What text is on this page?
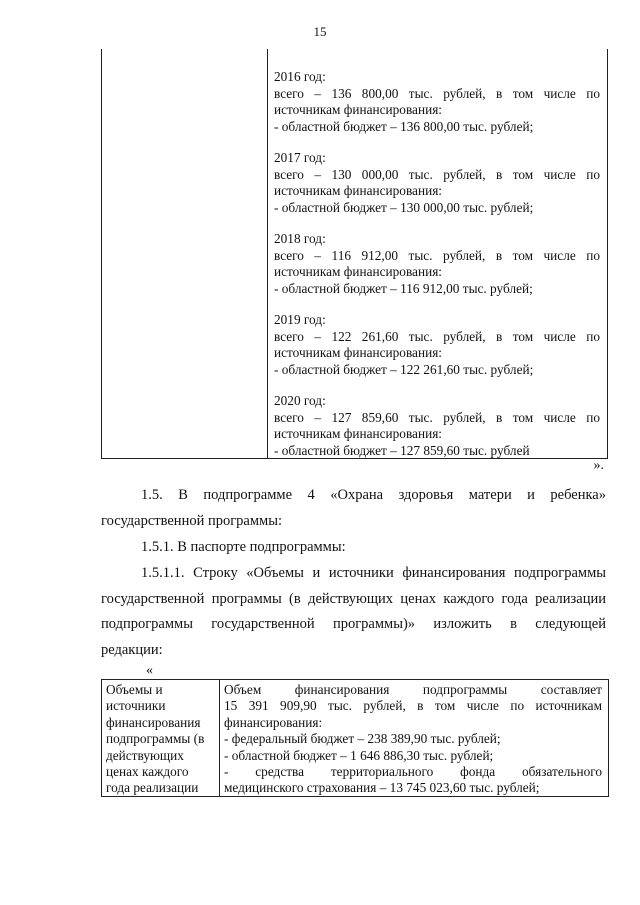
15
2016 год:
всего – 136 800,00 тыс. рублей, в том числе по
источникам финансирования:
- областной бюджет – 136 800,00 тыс. рублей;
2017 год:
всего – 130 000,00 тыс. рублей, в том числе по
источникам финансирования:
- областной бюджет – 130 000,00 тыс. рублей;
2018 год:
всего – 116 912,00 тыс. рублей, в том числе по
источникам финансирования:
- областной бюджет – 116 912,00 тыс. рублей;
2019 год:
всего – 122 261,60 тыс. рублей, в том числе по
источникам финансирования:
- областной бюджет – 122 261,60 тыс. рублей;
2020 год:
всего – 127 859,60 тыс. рублей, в том числе по
источникам финансирования:
- областной бюджет – 127 859,60 тыс. рублей
».
1.5. В подпрограмме 4 «Охрана здоровья матери и ребенка»
государственной программы:
1.5.1. В паспорте подпрограммы:
1.5.1.1. Строку «Объемы и источники финансирования подпрограммы
государственной программы (в действующих ценах каждого года реализации
подпрограммы государственной программы)» изложить в следующей
редакции:
«
Объемы и
источники
финансирования
подпрограммы (в
действующих
ценах каждого
года реализации
Объем финансирования подпрограммы составляет
15 391 909,90 тыс. рублей, в том числе по источникам
финансирования:
- федеральный бюджет – 238 389,90 тыс. рублей;
- областной бюджет – 1 646 886,30 тыс. рублей;
- средства территориального фонда обязательного
медицинского страхования – 13 745 023,60 тыс. рублей;
